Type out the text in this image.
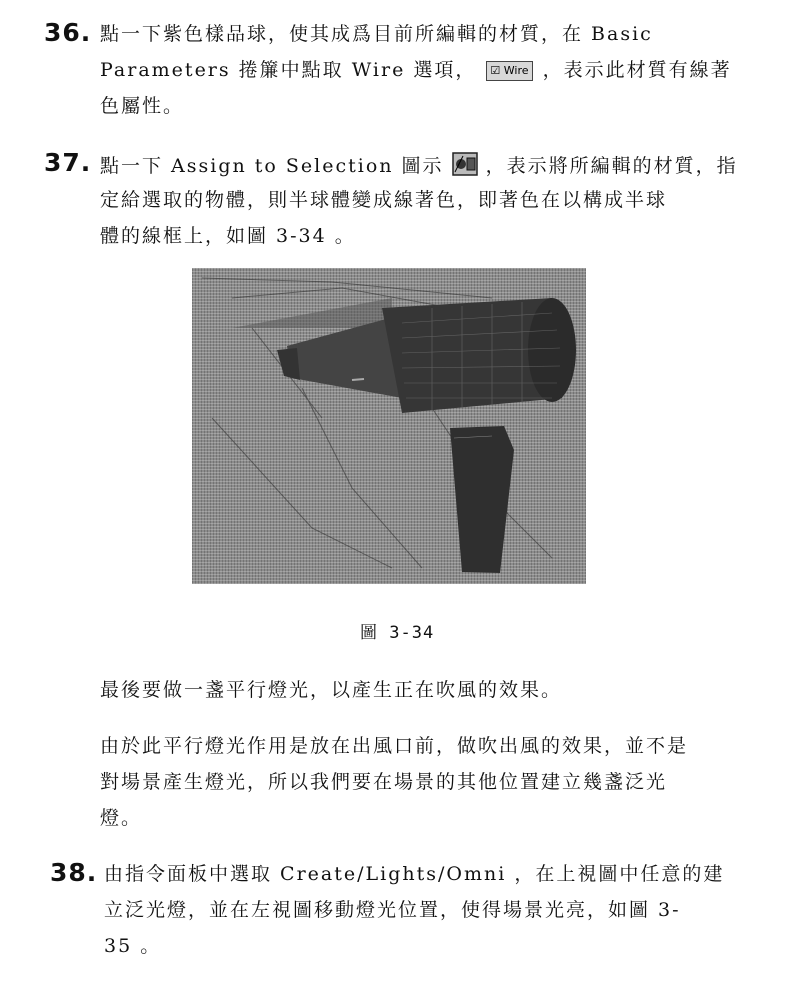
36. 點一下紫色樣品球，使其成爲目前所編輯的材質，在 Basic
Parameters 捲簾中點取 Wire 選項， ☑ Wire ，表示此材質有線著
色屬性。
37. 點一下 Assign to Selection 圖示 ，表示將所編輯的材質，指
定給選取的物體，則半球體變成線著色，即著色在以構成半球
體的線框上，如圖 3-34 。
圖 3-34
最後要做一盞平行燈光，以產生正在吹風的效果。
由於此平行燈光作用是放在出風口前，做吹出風的效果，並不是
對場景產生燈光，所以我們要在場景的其他位置建立幾盞泛光
燈。
38. 由指令面板中選取 Create/Lights/Omni ，在上視圖中任意的建
立泛光燈，並在左視圖移動燈光位置，使得場景光亮，如圖 3-
35 。
